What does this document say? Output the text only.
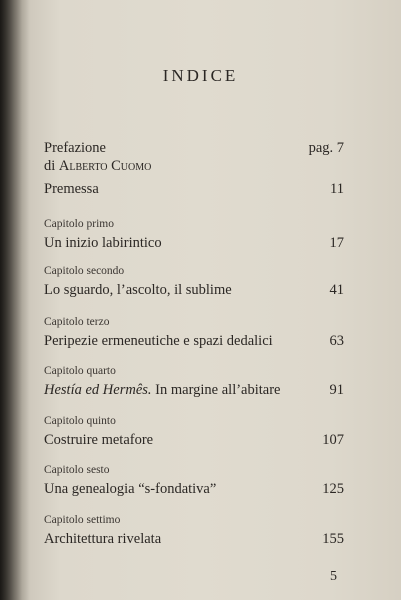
INDICE
Prefazione	pag. 7
di Alberto Cuomo
Premessa	11
Capitolo primo
Un inizio labirintico	17
Capitolo secondo
Lo sguardo, l’ascolto, il sublime	41
Capitolo terzo
Peripezie ermeneutiche e spazi dedalici	63
Capitolo quarto
Hestía ed Hermês. In margine all’abitare	91
Capitolo quinto
Costruire metafore	107
Capitolo sesto
Una genealogia “s-fondativa”	125
Capitolo settimo
Architettura rivelata	155
5
